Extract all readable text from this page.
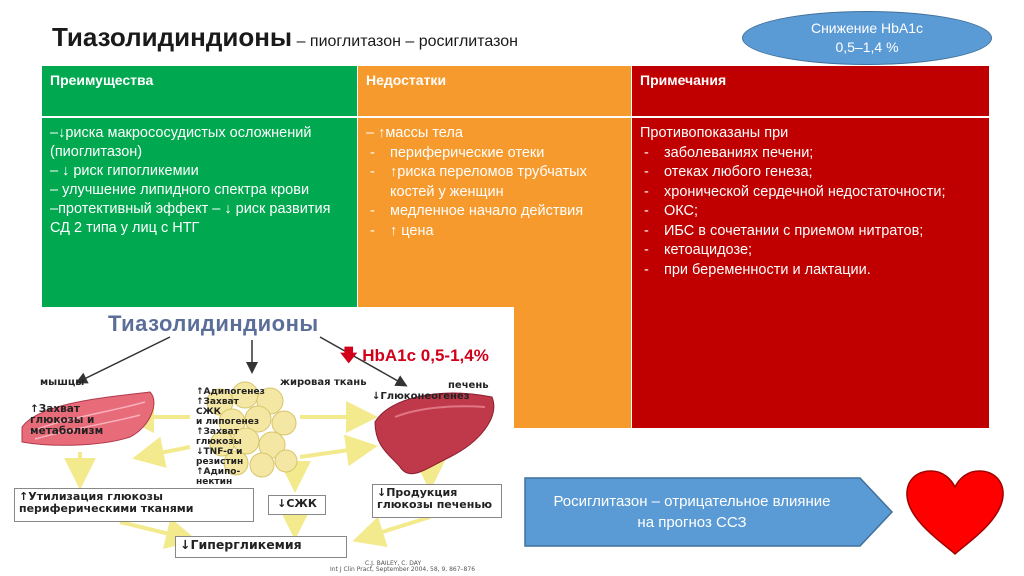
Тиазолидиндионы – пиоглитазон – росиглитазон
Снижение HbA1c
0,5–1,4 %
Преимущества
–↓риска макрососудистых осложнений (пиоглитазон)
– ↓ риск гипогликемии
– улучшение липидного спектра крови
–протективный эффект – ↓ риск развития СД 2 типа у лиц с НТГ
Недостатки
– ↑массы тела
- периферические отеки
- ↑риска переломов трубчатых костей у женщин
- медленное начало действия
- ↑ цена
Примечания
Противопоказаны при
- заболеваниях печени;
- отеках любого генеза;
- хронической сердечной недостаточности;
- ОКС;
- ИБС в сочетании с приемом нитратов;
- кетоацидозе;
- при беременности и лактации.
Тиазолидиндионы
🡇 HbA1c 0,5-1,4%
мышцы
↑Захват глюкозы и метаболизм
жировая ткань
↑Адипогенез
↑Захват СЖК
и липогенез
↑Захват
глюкозы
↓TNF-α и
резистин
↑Адипо-
нектин
печень
↓Глюконеогенез
↑Утилизация глюкозы периферическими тканями	↓СЖК
↓Продукция глюкозы печенью
↓Гипергликемия
C.J. BAILEY, C. DAY
Int J Clin Pract, September 2004, 58, 9, 867–876
Росиглитазон – отрицательное влияние
на прогноз ССЗ
